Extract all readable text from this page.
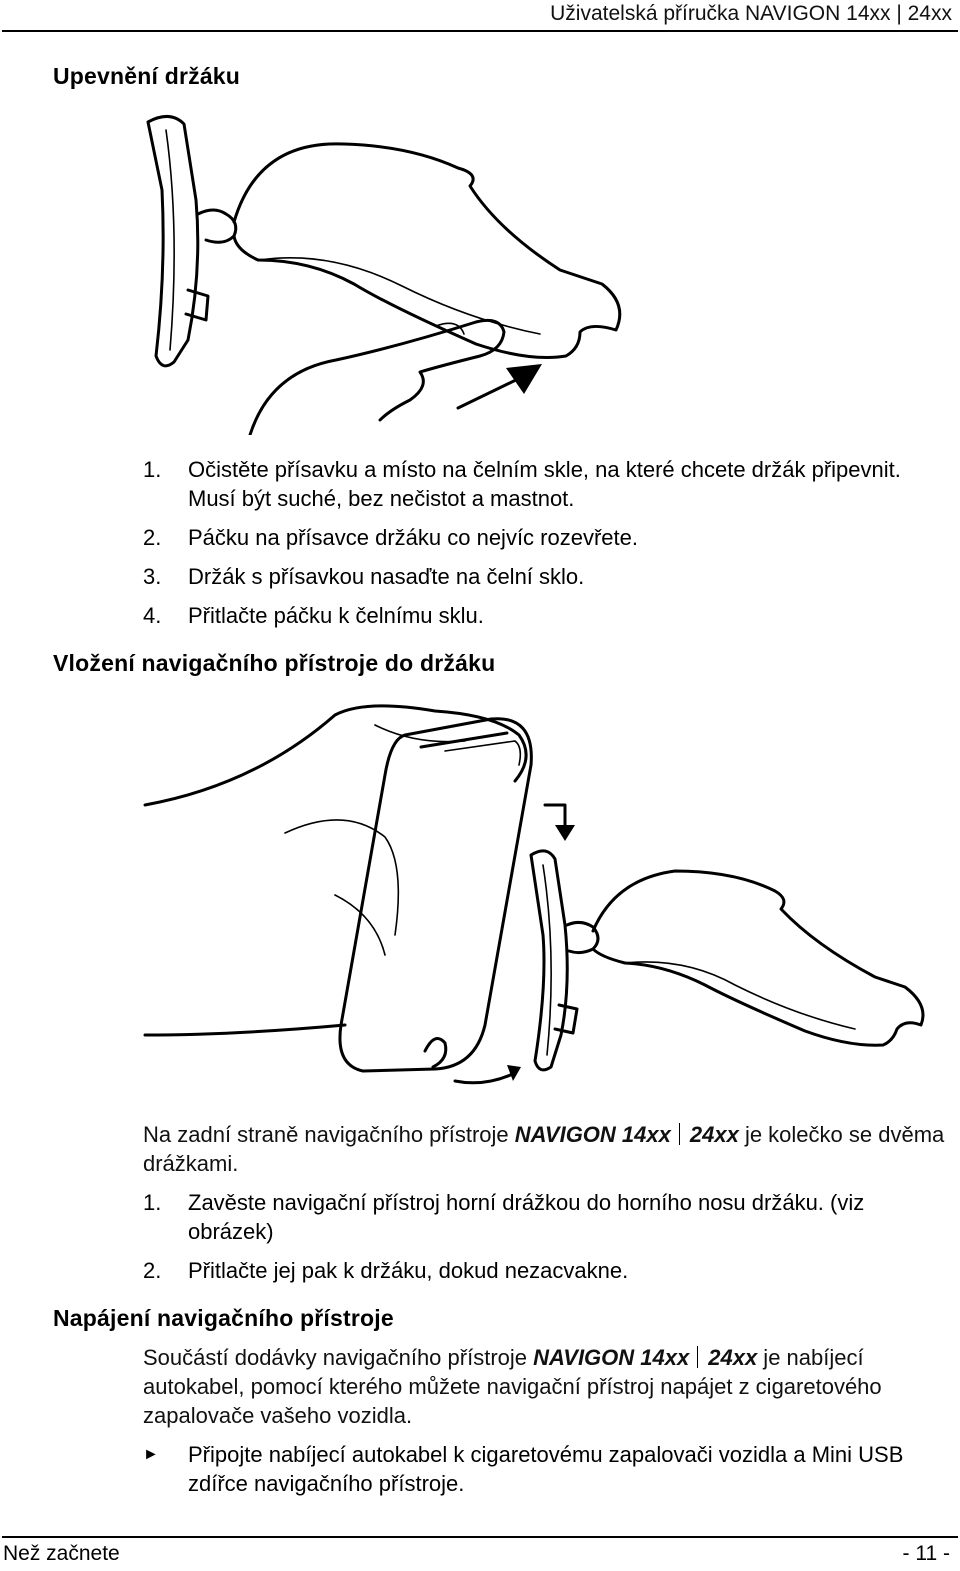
Uživatelská příručka NAVIGON 14xx | 24xx
Upevnění držáku
1.	Očistěte přísavku a místo na čelním skle, na které chcete držák připevnit. Musí být suché, bez nečistot a mastnot.
2.	Páčku na přísavce držáku co nejvíc rozevřete.
3.	Držák s přísavkou nasaďte na čelní sklo.
4.	Přitlačte páčku k čelnímu sklu.
Vložení navigačního přístroje do držáku
Na zadní straně navigačního přístroje NAVIGON 14xx 24xx je kolečko se dvěma drážkami.
1.	Zavěste navigační přístroj horní drážkou do horního nosu držáku. (viz obrázek)
2.	Přitlačte jej pak k držáku, dokud nezacvakne.
Napájení navigačního přístroje
Součástí dodávky navigačního přístroje NAVIGON 14xx 24xx je nabíjecí autokabel, pomocí kterého můžete navigační přístroj napájet z cigaretového zapalovače vašeho vozidla.
►	Připojte nabíjecí autokabel k cigaretovému zapalovači vozidla a Mini USB zdířce navigačního přístroje.
Než začnete	- 11 -
